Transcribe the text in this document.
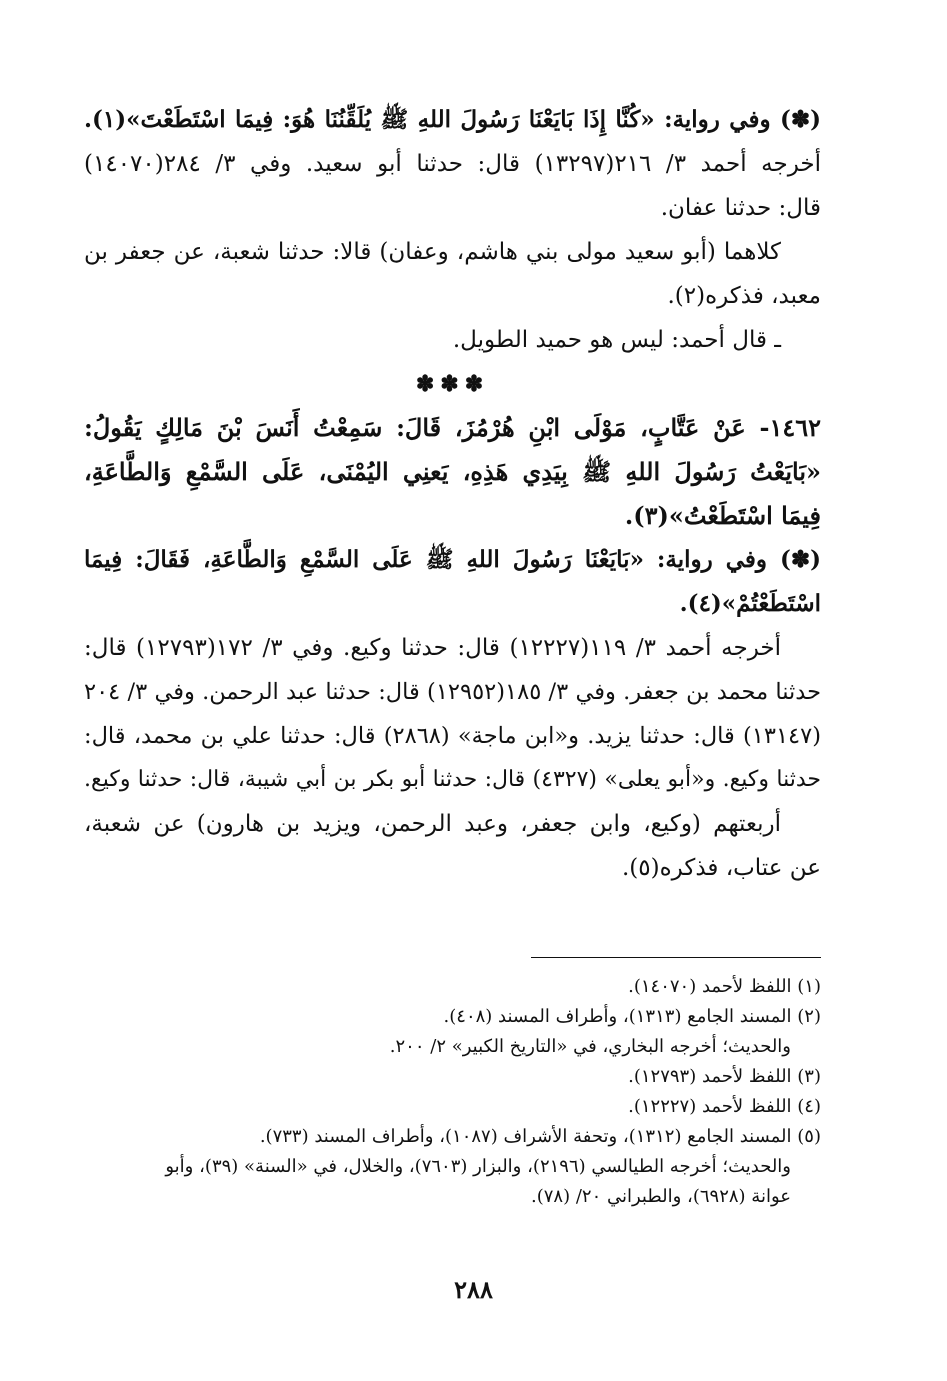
(✽) وفي رواية: «كُنَّا إِذَا بَايَعْنَا رَسُولَ اللهِ ﷺ يُلَقِّنُنَا هُوَ: فِيمَا اسْتَطَعْتَ»(١).
أخرجه أحمد ٣/ ٢١٦(١٣٢٩٧) قال: حدثنا أبو سعيد. وفي ٣/ ٢٨٤(١٤٠٧٠)
قال: حدثنا عفان.
كلاهما (أبو سعيد مولى بني هاشم، وعفان) قالا: حدثنا شعبة، عن جعفر بن
معبد، فذكره(٢).
ـ قال أحمد: ليس هو حميد الطويل.
✽✽✽
١٤٦٢- عَنْ عَتَّابٍ، مَوْلَى ابْنِ هُرْمُزَ، قَالَ: سَمِعْتُ أَنَسَ بْنَ مَالِكٍ يَقُولُ:
«بَايَعْتُ رَسُولَ اللهِ ﷺ بِيَدِي هَذِهِ، يَعنِي اليُمْنَى، عَلَى السَّمْعِ وَالطَّاعَةِ،
فِيمَا اسْتَطَعْتُ»(٣).
(✽) وفي رواية: «بَايَعْنَا رَسُولَ اللهِ ﷺ عَلَى السَّمْعِ وَالطَّاعَةِ، فَقَالَ: فِيمَا
اسْتَطَعْتُمْ»(٤).
أخرجه أحمد ٣/ ١١٩(١٢٢٢٧) قال: حدثنا وكيع. وفي ٣/ ١٧٢(١٢٧٩٣) قال:
حدثنا محمد بن جعفر. وفي ٣/ ١٨٥(١٢٩٥٢) قال: حدثنا عبد الرحمن. وفي ٣/ ٢٠٤
(١٣١٤٧) قال: حدثنا يزيد. و«ابن ماجة» (٢٨٦٨) قال: حدثنا علي بن محمد، قال:
حدثنا وكيع. و«أبو يعلى» (٤٣٢٧) قال: حدثنا أبو بكر بن أبي شيبة، قال: حدثنا وكيع.
أربعتهم (وكيع، وابن جعفر، وعبد الرحمن، ويزيد بن هارون) عن شعبة،
عن عتاب، فذكره(٥).
(١) اللفظ لأحمد (١٤٠٧٠).
(٢) المسند الجامع (١٣١٣)، وأطراف المسند (٤٠٨).
والحديث؛ أخرجه البخاري، في «التاريخ الكبير» ٢/ ٢٠٠.
(٣) اللفظ لأحمد (١٢٧٩٣).
(٤) اللفظ لأحمد (١٢٢٢٧).
(٥) المسند الجامع (١٣١٢)، وتحفة الأشراف (١٠٨٧)، وأطراف المسند (٧٣٣).
والحديث؛ أخرجه الطيالسي (٢١٩٦)، والبزار (٧٦٠٣)، والخلال، في «السنة» (٣٩)، وأبو
عوانة (٦٩٢٨)، والطبراني ٢٠/ (٧٨).
٢٨٨
